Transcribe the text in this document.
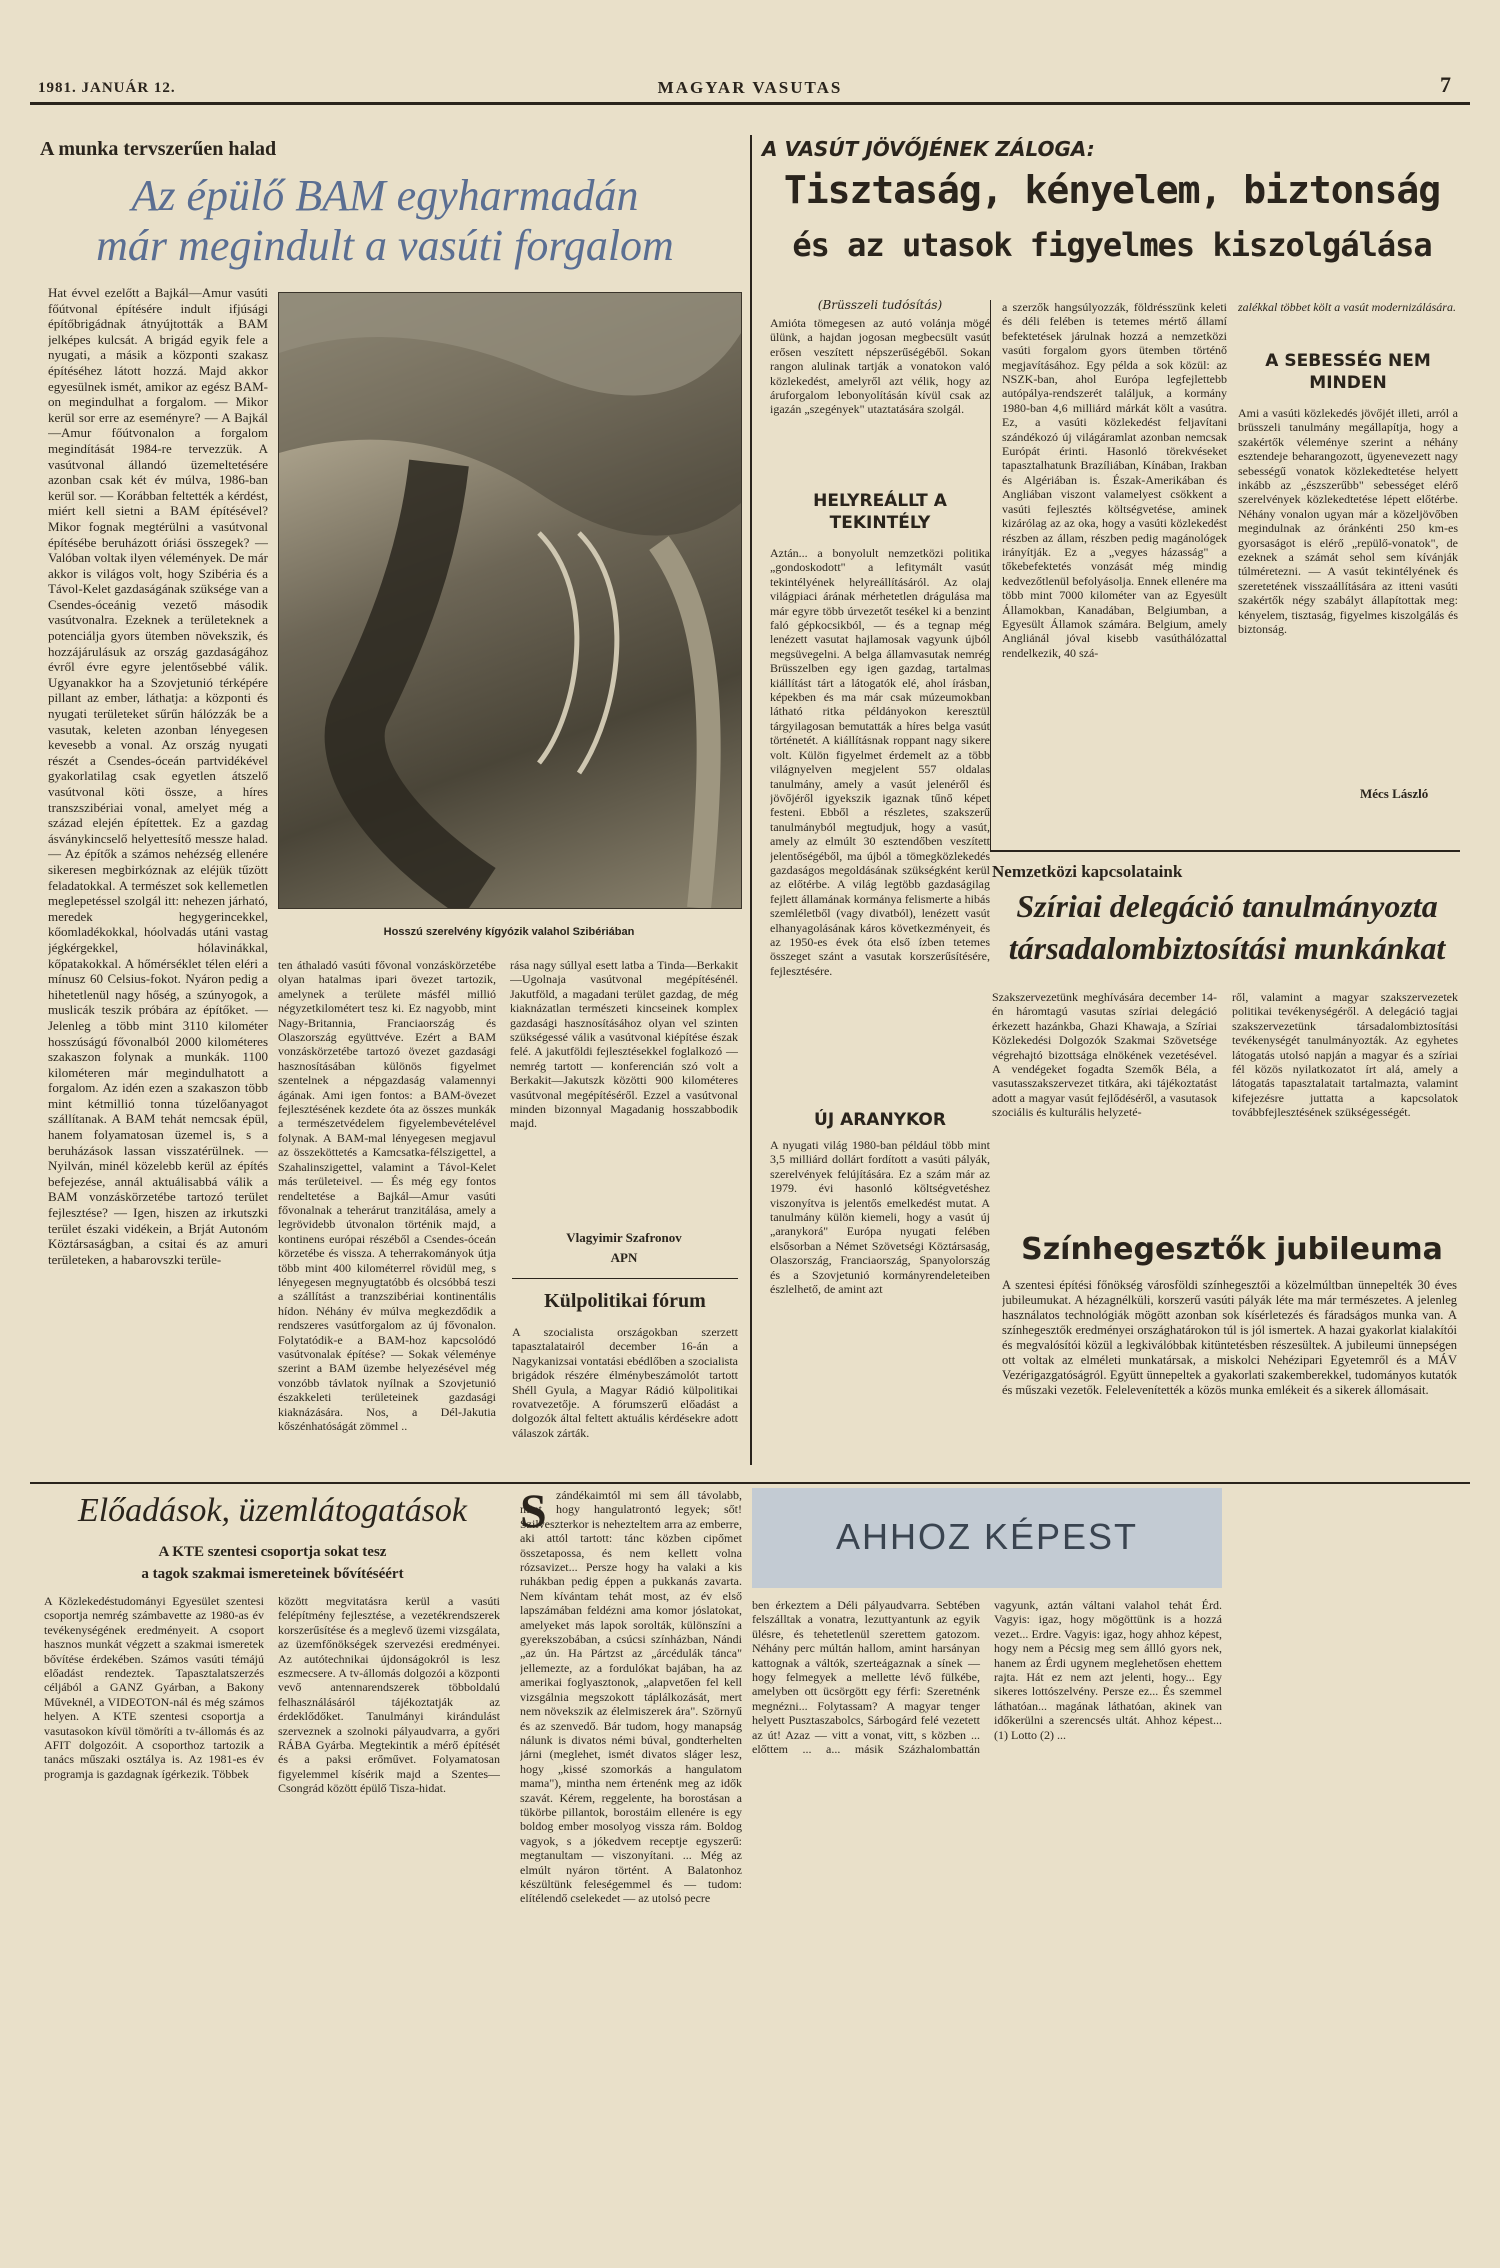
1981. JANUÁR 12.	MAGYAR VASUTAS	7
A munka tervszerűen halad
Az épülő BAM egyharmadán
már megindult a vasúti forgalom

Hat évvel ezelőtt a Bajkál—Amur vasúti főútvonal építésére indult ifjúsági építőbrigádnak átnyújtották a BAM jelképes kulcsát. A brigád egyik fele a nyugati, a másik a központi szakasz építéséhez látott hozzá. Majd akkor egyesülnek ismét, amikor az egész BAM-on megindulhat a forgalom. — Mikor kerül sor erre az eseményre? — A Bajkál—Amur főútvonalon a forgalom megindítását 1984-re tervezzük. A vasútvonal állandó üzemeltetésére azonban csak két év múlva, 1986-ban kerül sor. — Korábban feltették a kérdést, miért kell sietni a BAM építésével? Mikor fognak megtérülni a vasútvonal építésébe beruházott óriási összegek? — Valóban voltak ilyen vélemények. De már akkor is világos volt, hogy Szibéria és a Távol-Kelet gazdaságának szüksége van a Csendes-óceánig vezető második vasútvonalra. Ezeknek a területeknek a potenciálja gyors ütemben növekszik, és hozzájárulásuk az ország gazdaságához évről évre egyre jelentősebbé válik. Ugyanakkor ha a Szovjetunió térképére pillant az ember, láthatja: a központi és nyugati területeket sűrűn hálózzák be a vasutak, keleten azonban lényegesen kevesebb a vonal. Az ország nyugati részét a Csendes-óceán partvidékével gyakorlatilag csak egyetlen átszelő vasútvonal köti össze, a híres transzszibériai vonal, amelyet még a század elején építettek. Ez a gazdag ásványkincselő helyettesítő messze halad. — Az építők a számos nehézség ellenére sikeresen megbirkóznak az eléjük tűzött feladatokkal. A természet sok kellemetlen meglepetéssel szolgál itt: nehezen járható, meredek hegygerincekkel, kőomladékokkal, hóolvadás utáni vastag jégkérgekkel, hólavinákkal, kőpatakokkal. A hőmérséklet télen eléri a mínusz 60 Celsius-fokot. Nyáron pedig a hihetetlenül nagy hőség, a szúnyogok, a muslicák teszik próbára az építőket. — Jelenleg a több mint 3110 kilométer hosszúságú fővonalból 2000 kilométeres szakaszon folynak a munkák. 1100 kilométeren már megindulhatott a forgalom. Az idén ezen a szakaszon több mint kétmillió tonna túzelőanyagot szállítanak. A BAM tehát nemcsak épül, hanem folyamatosan üzemel is, s a beruházások lassan visszatérülnek. — Nyilván, minél közelebb kerül az építés befejezése, annál aktuálisabbá válik a BAM vonzáskörzetébe tartozó terület fejlesztése? — Igen, hiszen az irkutszki terület északi vidékein, a Brját Autonóm Köztársaságban, a csitai és az amuri területeken, a habarovszki terüle-

Hosszú szerelvény kígyózik valahol Szibériában

ten áthaladó vasúti fővonal vonzáskörzetébe olyan hatalmas ipari övezet tartozik, amelynek a területe másfél millió négyzetkilométert tesz ki. Ez nagyobb, mint Nagy-Britannia, Franciaország és Olaszország együttvéve. Ezért a BAM vonzáskörzetébe tartozó övezet gazdasági hasznosításában különös figyelmet szentelnek a népgazdaság valamennyi ágának. Ami igen fontos: a BAM-övezet fejlesztésének kezdete óta az összes munkák a természetvédelem figyelembevételével folynak. A BAM-mal lényegesen megjavul az összeköttetés a Kamcsatka-félszigettel, a Szahalinszigettel, valamint a Távol-Kelet más területeivel. — És még egy fontos rendeltetése a Bajkál—Amur vasúti fővonalnak a teherárut tranzitálása, amely a legrövidebb útvonalon történik majd, a kontinens európai részéből a Csendes-óceán körzetébe és vissza. A teherrakományok útja több mint 400 kilométerrel rövidül meg, s lényegesen megnyugtatóbb és olcsóbbá teszi a szállítást a tranzszibériai kontinentális hídon. Néhány év múlva megkezdődik a rendszeres vasútforgalom az új fővonalon. Folytatódik-e a BAM-hoz kapcsolódó vasútvonalak építése? — Sokak véleménye szerint a BAM üzembe helyezésével még vonzóbb távlatok nyílnak a Szovjetunió északkeleti területeinek gazdasági kiaknázására. Nos, a Dél-Jakutia kőszénhatóságát zömmel ..

rása nagy súllyal esett latba a Tinda—Berkakit—Ugolnaja vasútvonal megépítésénél. Jakutföld, a magadani terület gazdag, de még kiaknázatlan természeti kincseinek komplex gazdasági hasznosításához olyan vel szinten szükségessé válik a vasútvonal kiépítése észak felé. A jakutföldi fejlesztésekkel foglalkozó — nemrég tartott — konferencián szó volt a Berkakit—Jakutszk közötti 900 kilométeres vasútvonal megépítéséről. Ezzel a vasútvonal minden bizonnyal Magadanig hosszabbodik majd.

Vlagyimir Szafronov
APN
Külpolitikai fórum

A szocialista országokban szerzett tapasztalatairól december 16-án a Nagykanizsai vontatási ebédlőben a szocialista brigádok részére élménybeszámolót tartott Shéll Gyula, a Magyar Rádió külpolitikai rovatvezetője. A fórumszerű előadást a dolgozók által feltett aktuális kérdésekre adott válaszok zárták.

A VASÚT JÖVŐJÉNEK ZÁLOGA:
Tisztaság, kényelem, biztonság
és az utasok figyelmes kiszolgálása
(Brüsszeli tudósítás)

Amióta tömegesen az autó volánja mögé ülünk, a hajdan jogosan megbecsült vasút erősen veszített népszerűségéből. Sokan rangon alulinak tartják a vonatokon való közlekedést, amelyről azt vélik, hogy az áruforgalom lebonyolításán kívül csak az igazán „szegények" utaztatására szolgál.

HELYREÁLLT A TEKINTÉLY

Aztán... a bonyolult nemzetközi politika „gondoskodott" a lefitymált vasút tekintélyének helyreállításáról. Az olaj világpiaci árának mérhetetlen drágulása ma már egyre több úrvezetőt tesékel ki a benzint faló gépkocsikból, — és a tegnap még lenézett vasutat hajlamosak vagyunk újból megsüvegelni. A belga államvasutak nemrég Brüsszelben egy igen gazdag, tartalmas kiállítást tárt a látogatók elé, ahol írásban, képekben és ma már csak múzeumokban látható ritka példányokon keresztül tárgyilagosan bemutatták a híres belga vasút történetét. A kiállításnak roppant nagy sikere volt. Külön figyelmet érdemelt az a több világnyelven megjelent 557 oldalas tanulmány, amely a vasút jelenéről és jövőjéről igyekszik igaznak tűnő képet festeni. Ebből a részletes, szakszerű tanulmányból megtudjuk, hogy a vasút, amely az elmúlt 30 esztendőben veszített jelentőségéből, ma újból a tömegközlekedés gazdaságos megoldásának szükségként kerül az előtérbe. A világ legtöbb gazdaságilag fejlett államának kormánya felismerte a hibás szemléletből (vagy divatból), lenézett vasút elhanyagolásának káros következményeit, és az 1950-es évek óta első ízben tetemes összeget szánt a vasutak korszerűsítésére, fejlesztésére.

ÚJ ARANYKOR

A nyugati világ 1980-ban például több mint 3,5 milliárd dollárt fordított a vasúti pályák, szerelvények felújítására. Ez a szám már az 1979. évi hasonló költségvetéshez viszonyítva is jelentős emelkedést mutat. A tanulmány külön kiemeli, hogy a vasút új „aranykorá" Európa nyugati felében elsősorban a Német Szövetségi Köztársaság, Olaszország, Franciaország, Spanyolország és a Szovjetunió kormányrendeleteiben észlelhető, de amint azt

a szerzők hangsúlyozzák, földrésszünk keleti és déli felében is tetemes mértő államí befektetések járulnak hozzá a nemzetközi vasúti forgalom gyors ütemben történő megjavításához. Egy példa a sok közül: az NSZK-ban, ahol Európa legfejlettebb autópálya-rendszerét találjuk, a kormány 1980-ban 4,6 milliárd márkát költ a vasútra. Ez, a vasúti közlekedést feljavítani szándékozó új világáramlat azonban nemcsak Európát érinti. Hasonló törekvéseket tapasztalhatunk Brazíliában, Kínában, Irakban és Algériában is. Észak-Amerikában és Angliában viszont valamelyest csökkent a vasúti fejlesztés költségvetése, aminek kizárólag az az oka, hogy a vasúti közlekedést részben az állam, részben pedig magánológek irányítják. Ez a „vegyes házasság" a tőkebefektetés vonzását még mindig kedvezőtlenül befolyásolja. Ennek ellenére ma több mint 7000 kilométer van az Egyesült Államokban, Kanadában, Belgiumban, a Egyesült Államok számára. Belgium, amely Angliánál jóval kisebb vasúthálózattal rendelkezik, 40 szá-

zalékkal többet költ a vasút modernizálására.

A SEBESSÉG NEM MINDEN

Ami a vasúti közlekedés jövőjét illeti, arról a brüsszeli tanulmány megállapítja, hogy a szakértők véleménye szerint a néhány esztendeje beharangozott, ügyenevezett nagy sebességű vonatok közlekedtetése helyett inkább az „észszerűbb" sebességet elérő szerelvények közlekedtetése lépett előtérbe. Néhány vonalon ugyan már a közeljövőben megindulnak az óránkénti 250 km-es gyorsaságot is elérő „repülő-vonatok", de ezeknek a számát sehol sem kívánják túlméretezni. — A vasút tekintélyének és szeretetének visszaállítására az itteni vasúti szakértők négy szabályt állapítottak meg: kényelem, tisztaság, figyelmes kiszolgálás és biztonság.

Mécs László
Nemzetközi kapcsolataink
Szíriai delegáció tanulmányozta
társadalombiztosítási munkánkat

Szakszervezetünk meghívására december 14-én háromtagú vasutas szíriai delegáció érkezett hazánkba, Ghazi Khawaja, a Szíriai Közlekedési Dolgozók Szakmai Szövetsége végrehajtó bizottsága elnökének vezetésével. A vendégeket fogadta Szemők Béla, a vasutasszakszervezet titkára, aki tájékoztatást adott a magyar vasút fejlődéséről, a vasutasok szociális és kulturális helyzeté-

ről, valamint a magyar szakszervezetek politikai tevékenységéről. A delegáció tagjai szakszervezetünk társadalombiztosítási tevékenységét tanulmányozták. Az egyhetes látogatás utolsó napján a magyar és a szíriai fél közös nyilatkozatot írt alá, amely a látogatás tapasztalatait tartalmazta, valamint kifejezésre juttatta a kapcsolatok továbbfejlesztésének szükségességét.

Színhegesztők jubileuma

A szentesi építési főnökség városföldi színhegesztői a közelmúltban ünnepelték 30 éves jubileumukat. A hézagnélküli, korszerű vasúti pályák léte ma már természetes. A jelenleg használatos technológiák mögött azonban sok kísérletezés és fáradságos munka van. A színhegesztők eredményei országhatárokon túl is jól ismertek. A hazai gyakorlat kialakítói és megvalósítói közül a legkiválóbbak kitüntetésben részesültek. A jubileumi ünnepségen ott voltak az elméleti munkatársak, a miskolci Nehézipari Egyetemről és a MÁV Vezérigazgatóságról. Együtt ünnepeltek a gyakorlati szakemberekkel, tudományos kutatók és műszaki vezetők. Felelevenítették a közös munka emlékeit és a sikerek állomásait.

Előadások, üzemlátogatások
A KTE szentesi csoportja sokat tesz
a tagok szakmai ismereteinek bővítéséért

A Közlekedéstudományi Egyesület szentesi csoportja nemrég számbavette az 1980-as év tevékenységének eredményeit. A csoport hasznos munkát végzett a szakmai ismeretek bővítése érdekében. Számos vasúti témájú előadást rendeztek. Tapasztalatszerzés céljából a GANZ Gyárban, a Bakony Műveknél, a VIDEOTON-nál és még számos helyen. A KTE szentesi csoportja a vasutasokon kívül tömöríti a tv-állomás és az AFIT dolgozóit. A csoporthoz tartozik a tanács műszaki osztálya is. Az 1981-es év programja is gazdagnak ígérkezik. Többek

között megvitatásra kerül a vasúti felépítmény fejlesztése, a vezetékrendszerek korszerűsítése és a meglevő üzemi vizsgálata, az üzemfőnökségek szervezési eredményei. Az autótechnikai újdonságokról is lesz eszmecsere. A tv-állomás dolgozói a központi vevő antennarendszerek többoldalú felhasználásáról tájékoztatják az érdeklődőket. Tanulmányi kirándulást szerveznek a szolnoki pályaudvarra, a győri RÁBA Gyárba. Megtekintik a mérő építését és a paksi erőművet. Folyamatosan figyelemmel kísérik majd a Szentes—Csongrád között épülő Tisza-hidat.

AHHOZ KÉPEST
S zándékaimtól mi sem áll távolabb, mint hogy hangulatrontó legyek; sőt! Szilveszterkor is nehezteltem arra az emberre, aki attól tartott: tánc közben cipőmet összetapossa, és nem kellett volna rózsavizet... Persze hogy ha valaki a kis ruhákban pedig éppen a pukkanás zavarta. Nem kívántam tehát most, az év első lapszámában feldézni ama komor jóslatokat, amelyeket más lapok sorolták, különszíni a gyerekszobában, a csúcsi színházban, Nándi „az ún. Ha Pártzst az „árcédulák tánca" jellemezte, az a fordulókat bajában, ha az amerikai foglyasztonok, „alapvetően fel kell vizsgálnia megszokott táplálkozását, mert nem növekszik az élelmiszerek ára". Szörnyű és az szenvedő. Bár tudom, hogy manapság nálunk is divatos némi búval, gondterhelten járni (meglehet, ismét divatos sláger lesz, hogy „kissé szomorkás a hangulatom mama"), mintha nem értenénk meg az idők szavát. Kérem, reggelente, ha borostásan a tükörbe pillantok, borostáim ellenére is egy boldog ember mosolyog vissza rám. Boldog vagyok, s a jókedvem receptje egyszerű: megtanultam — viszonyítani. ... Még az elmúlt nyáron történt. A Balatonhoz készültünk feleségemmel és — tudom: elítélendő cselekedet — az utolsó pecre

ben érkeztem a Déli pályaudvarra. Sebtében felszálltak a vonatra, lezuttyantunk az egyik ülésre, és tehetetlenül szerettem gatozom. Néhány perc múltán hallom, amint harsányan kattognak a váltók, szerteágaznak a sínek — hogy felmegyek a mellette lévő fülkébe, amelyben ott ücsörgött egy férfi: Szeretnénk megnézni... Folytassam? A magyar tenger helyett Pusztaszabolcs, Sárbogárd felé vezetett az út! Azaz — vitt a vonat, vitt, s közben ... előttem ... a... másik Százhalombattán vagyunk, aztán váltani valahol tehát Érd. Vagyis: igaz, hogy mögöttünk is a hozzá vezet... Erdre. Vagyis: igaz, hogy ahhoz képest, hogy nem a Pécsig meg sem állló gyors nek, hanem az Érdi ugynem meglehetősen ehettem rajta. Hát ez nem azt jelenti, hogy... Egy sikeres lottószelvény. Persze ez... És szemmel láthatóan... magának láthatóan, akinek van időkerülni a szerencsés ultát. Ahhoz képest... (1) Lotto (2) ...
